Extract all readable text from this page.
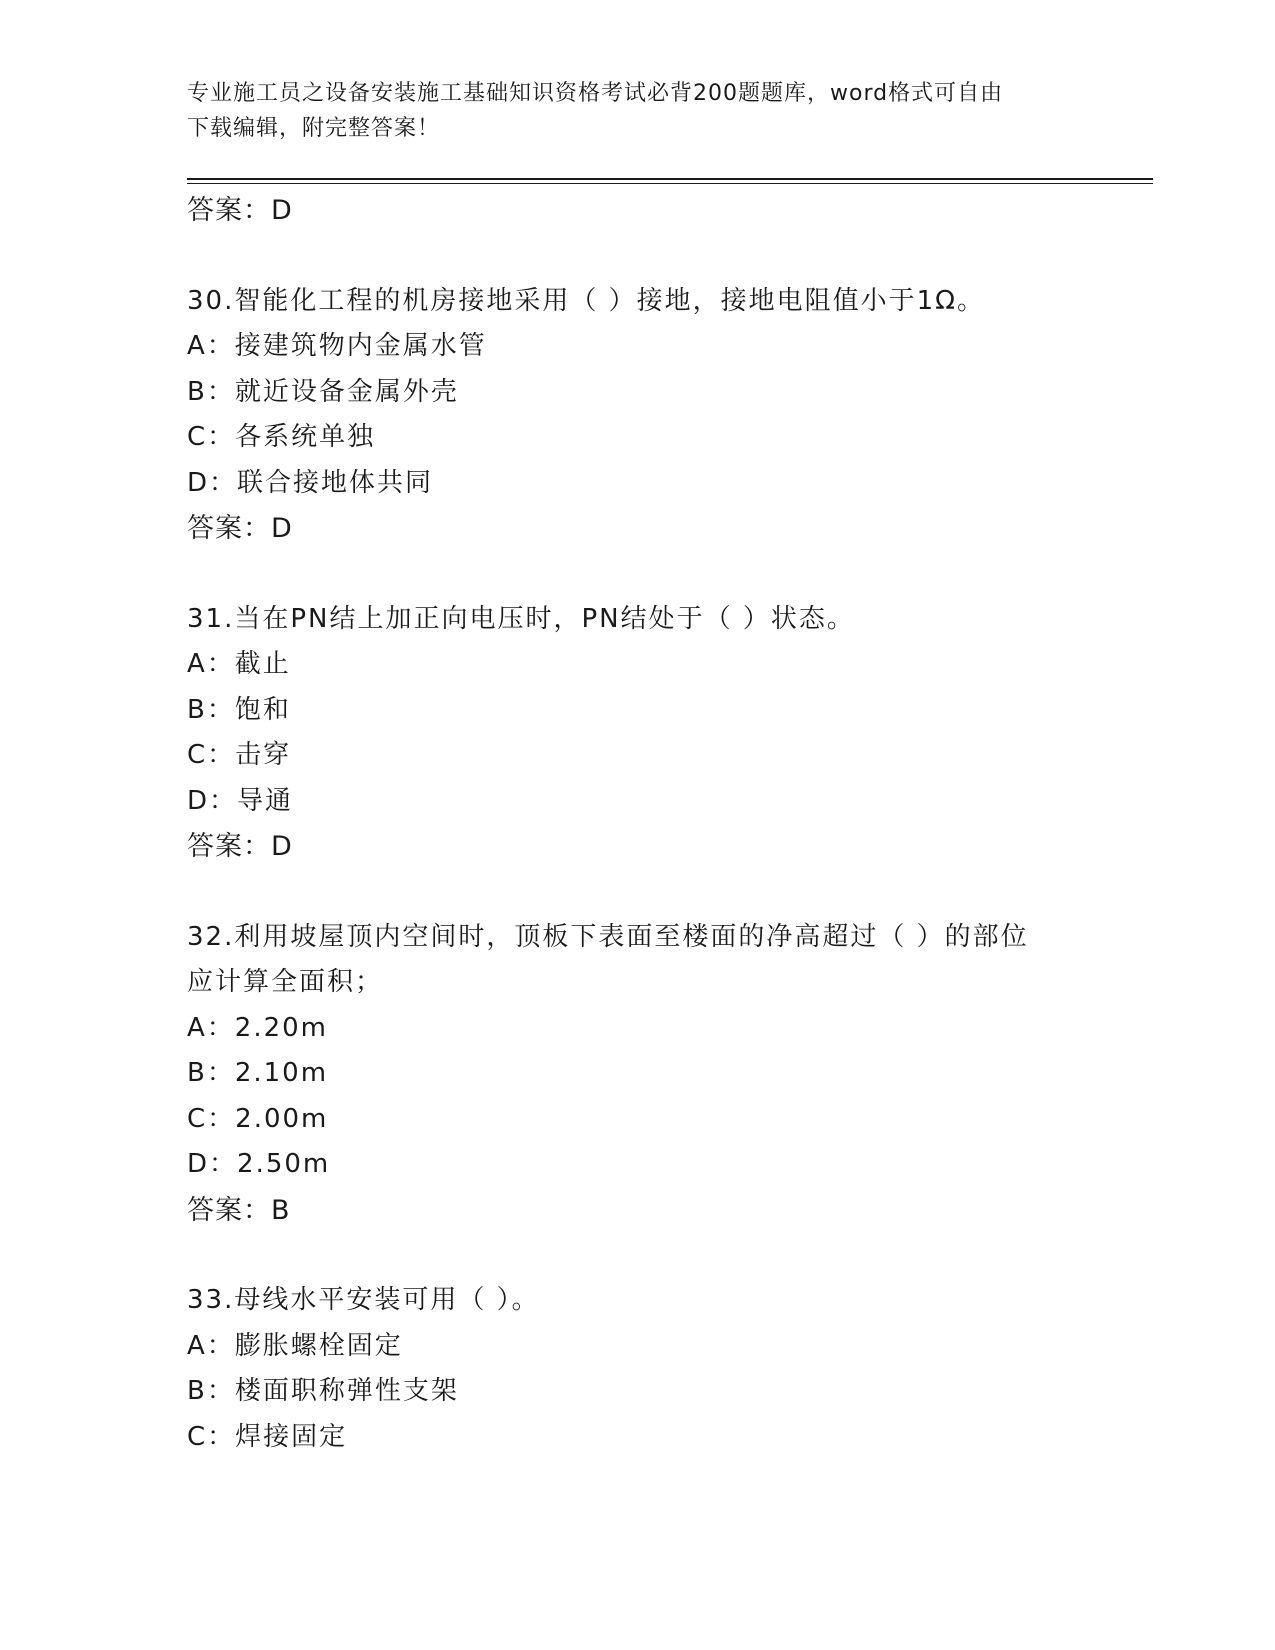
专业施工员之设备安装施工基础知识资格考试必背200题题库，word格式可自由
下载编辑，附完整答案！
答案：D
30.智能化工程的机房接地采用（ ）接地，接地电阻值小于1Ω。
A：接建筑物内金属水管
B：就近设备金属外壳
C：各系统单独
D：联合接地体共同
答案：D
31.当在PN结上加正向电压时，PN结处于（ ）状态。
A：截止
B：饱和
C：击穿
D：导通
答案：D
32.利用坡屋顶内空间时，顶板下表面至楼面的净高超过（ ）的部位
应计算全面积；
A：2.20m
B：2.10m
C：2.00m
D：2.50m
答案：B
33.母线水平安装可用（ ）。
A：膨胀螺栓固定
B：楼面职称弹性支架
C：焊接固定
